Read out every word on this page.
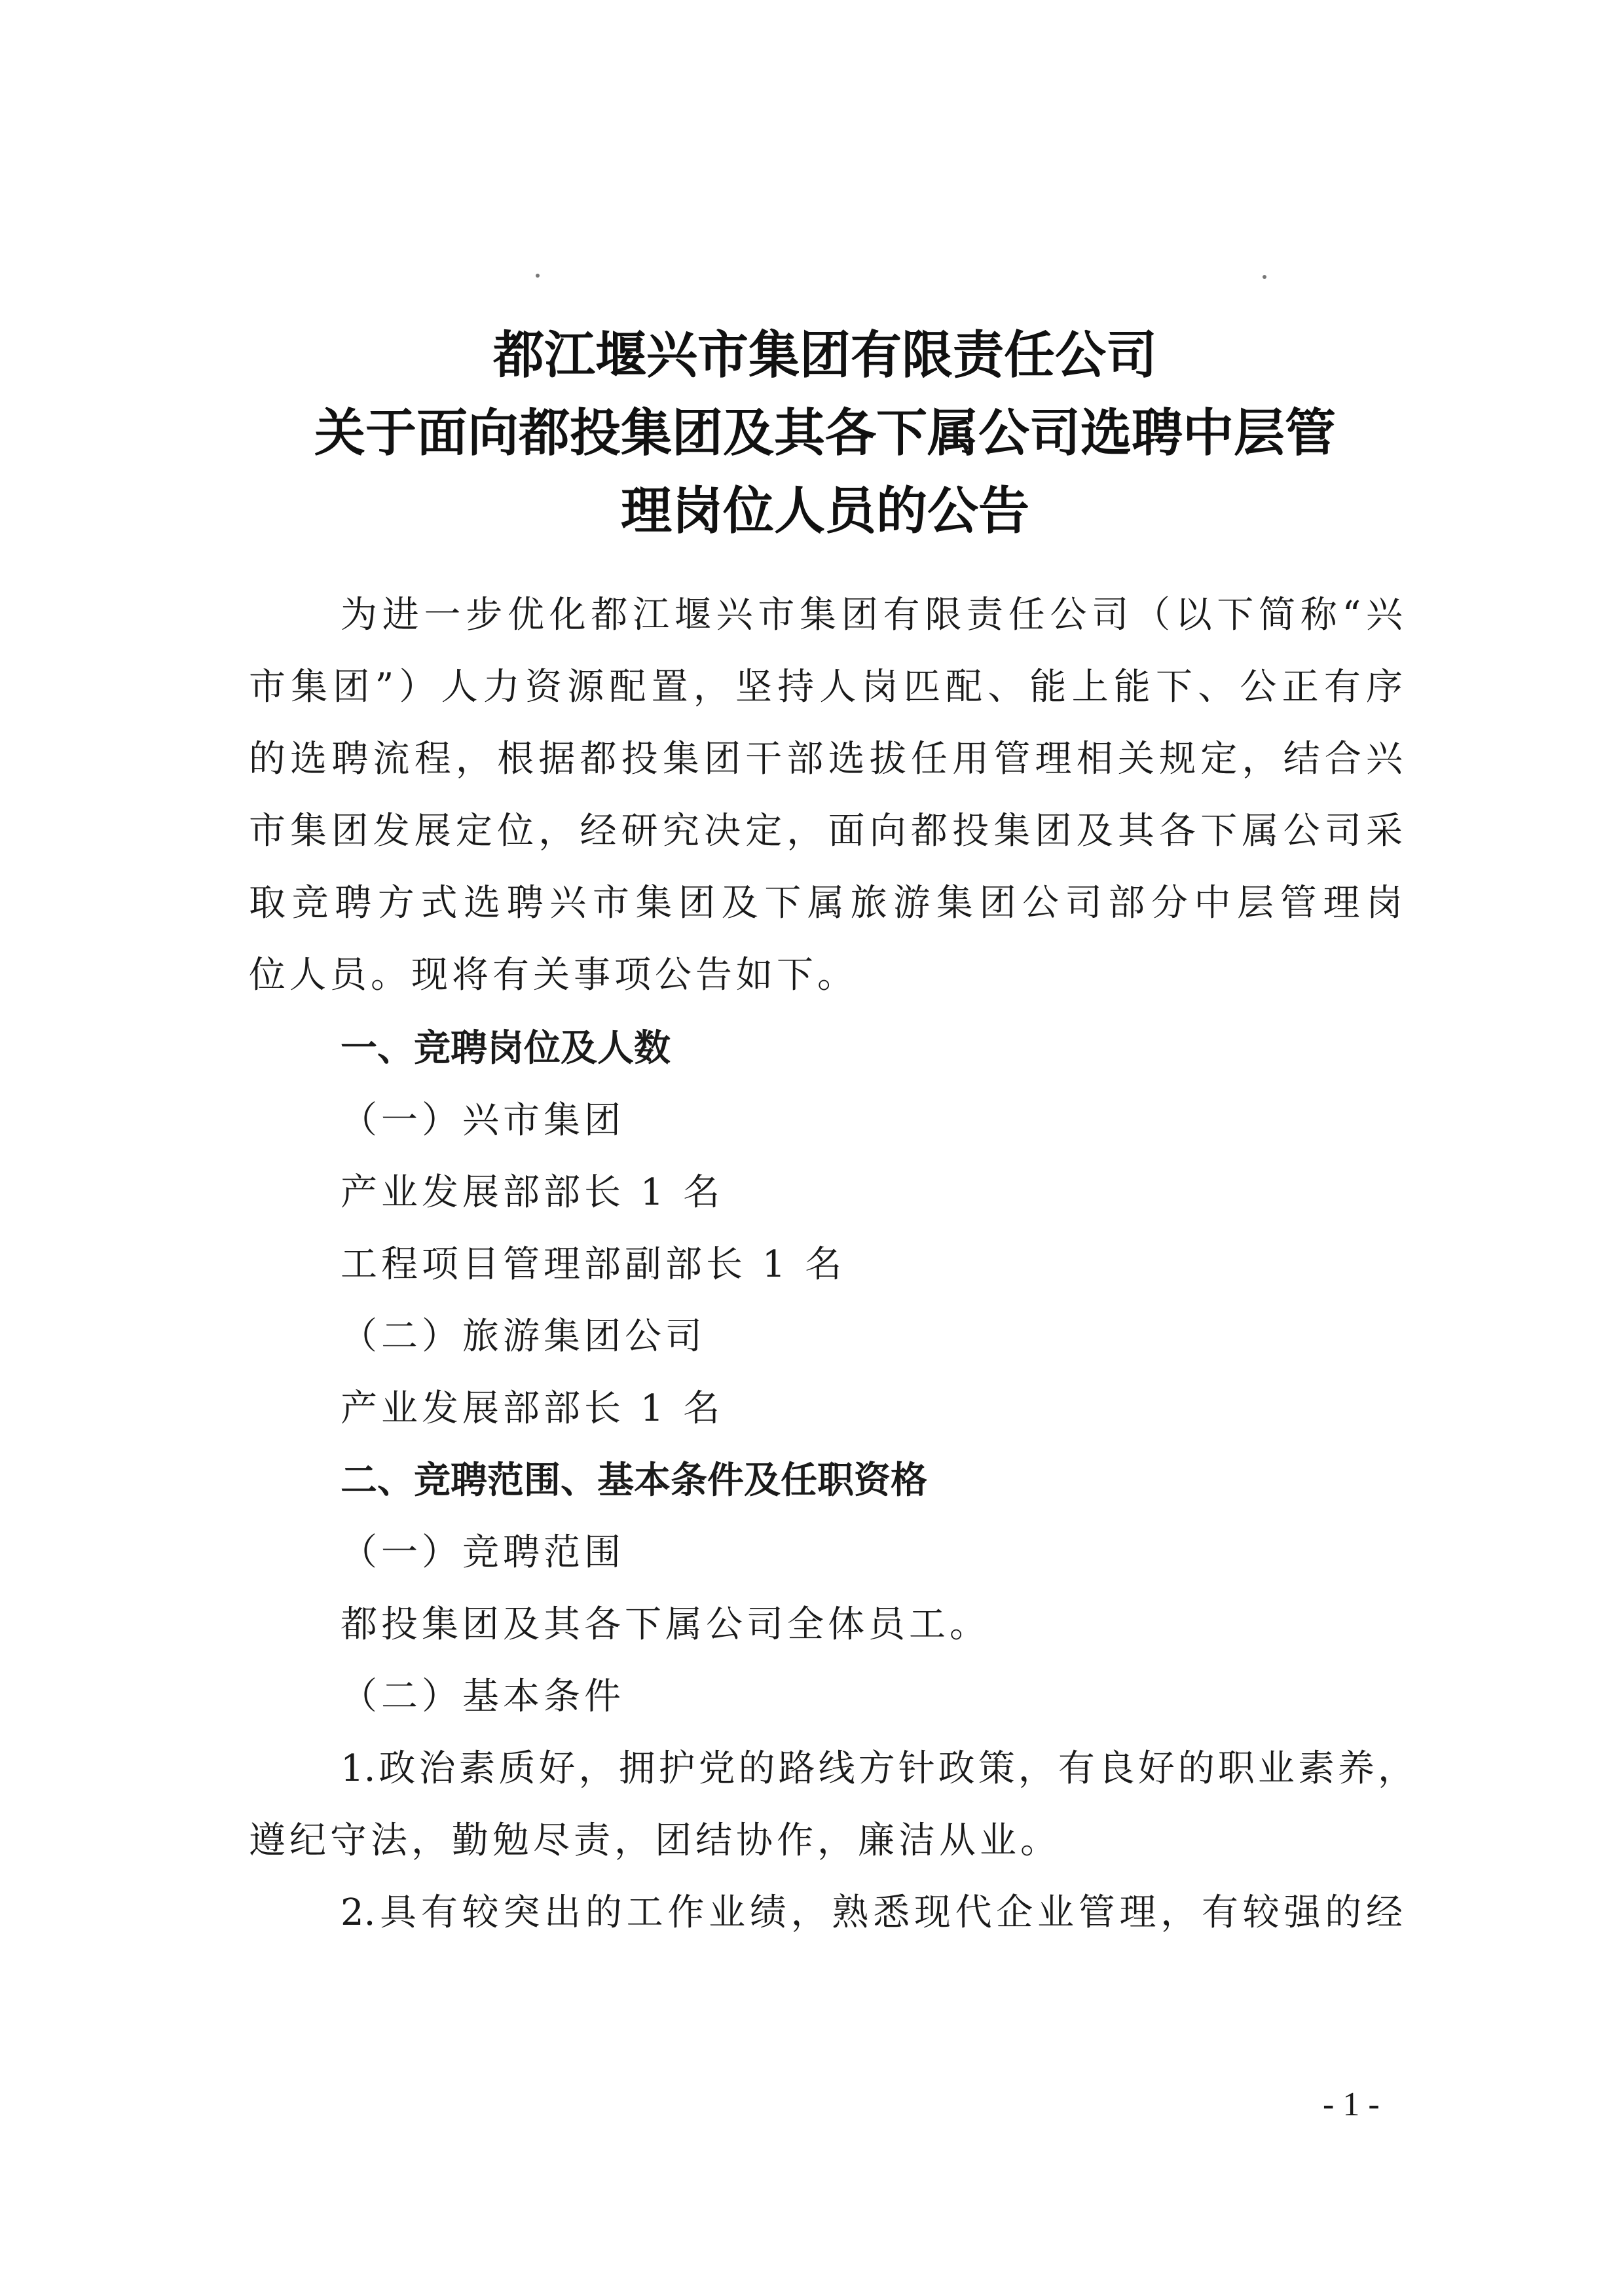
都江堰兴市集团有限责任公司
关于面向都投集团及其各下属公司选聘中层管
理岗位人员的公告
为进一步优化都江堰兴市集团有限责任公司（以下简称“兴
市集团”）人力资源配置，坚持人岗匹配、能上能下、公正有序
的选聘流程，根据都投集团干部选拔任用管理相关规定，结合兴
市集团发展定位，经研究决定，面向都投集团及其各下属公司采
取竞聘方式选聘兴市集团及下属旅游集团公司部分中层管理岗
位人员。现将有关事项公告如下。
一、竞聘岗位及人数
（一）兴市集团
产业发展部部长 1 名
工程项目管理部副部长 1 名
（二）旅游集团公司
产业发展部部长 1 名
二、竞聘范围、基本条件及任职资格
（一）竞聘范围
都投集团及其各下属公司全体员工。
（二）基本条件
1.政治素质好，拥护党的路线方针政策，有良好的职业素养，
遵纪守法，勤勉尽责，团结协作，廉洁从业。
2.具有较突出的工作业绩，熟悉现代企业管理，有较强的经
- 1 -
